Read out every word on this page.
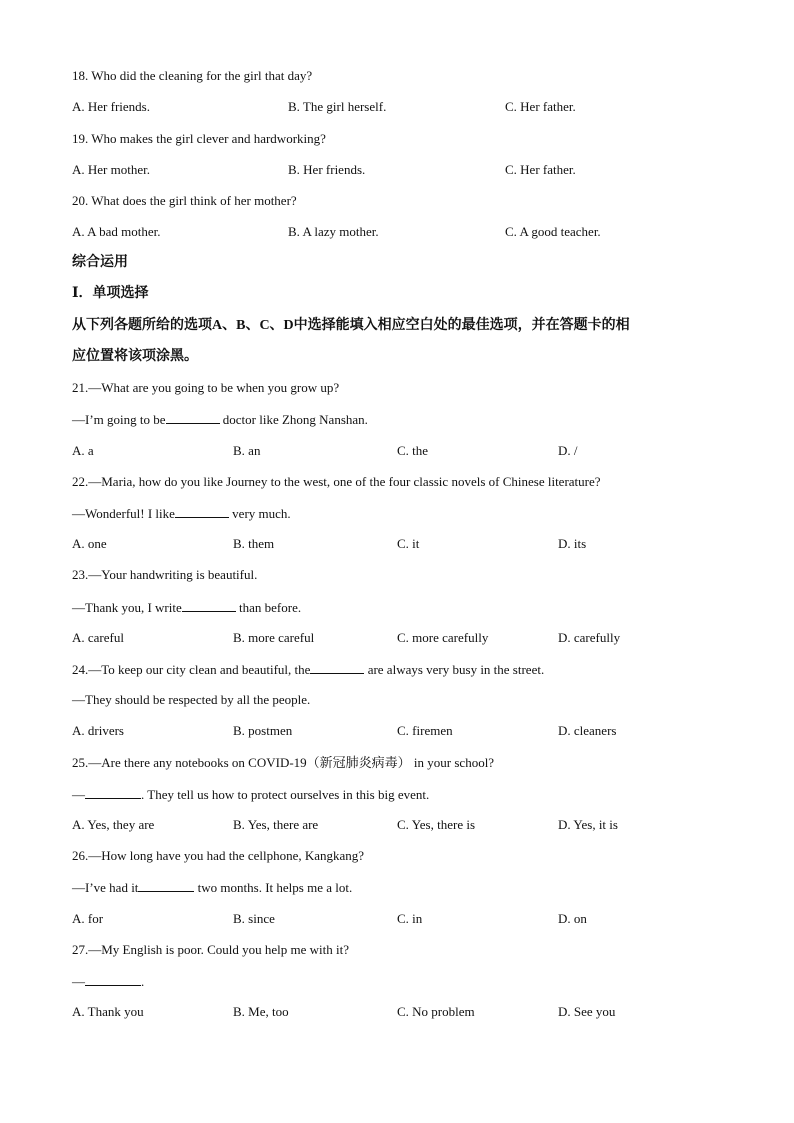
18. Who did the cleaning for the girl that day?
A. Her friends.	B. The girl herself.	C. Her father.
19. Who makes the girl clever and hardworking?
A. Her mother.	B. Her friends.	C. Her father.
20. What does the girl think of her mother?
A. A bad mother.	B. A lazy mother.	C. A good teacher.
综合运用
Ⅰ．单项选择
从下列各题所给的选项A、B、C、D中选择能填入相应空白处的最佳选项，并在答题卡的相
应位置将该项涂黑。
21.—What are you going to be when you grow up?
—I’m going to be	doctor like Zhong Nanshan.
A. a	B. an	C. the	D. /
22.—Maria, how do you like Journey to the west, one of the four classic novels of Chinese literature?
—Wonderful! I like	very much.
A. one	B. them	C. it	D. its
23.—Your handwriting is beautiful.
—Thank you, I write	than before.
A. careful	B. more careful	C. more carefully	D. carefully
24.—To keep our city clean and beautiful, the	are always very busy in the street.
—They should be respected by all the people.
A. drivers	B. postmen	C. firemen	D. cleaners
25.—Are there any notebooks on COVID-19（新冠肺炎病毒） in your school?
—	. They tell us how to protect ourselves in this big event.
A. Yes, they are	B. Yes, there are	C. Yes, there is	D. Yes, it is
26.—How long have you had the cellphone, Kangkang?
—I’ve had it	two months. It helps me a lot.
A. for	B. since	C. in	D. on
27.—My English is poor. Could you help me with it?
—	.
A. Thank you	B. Me, too	C. No problem	D. See you
